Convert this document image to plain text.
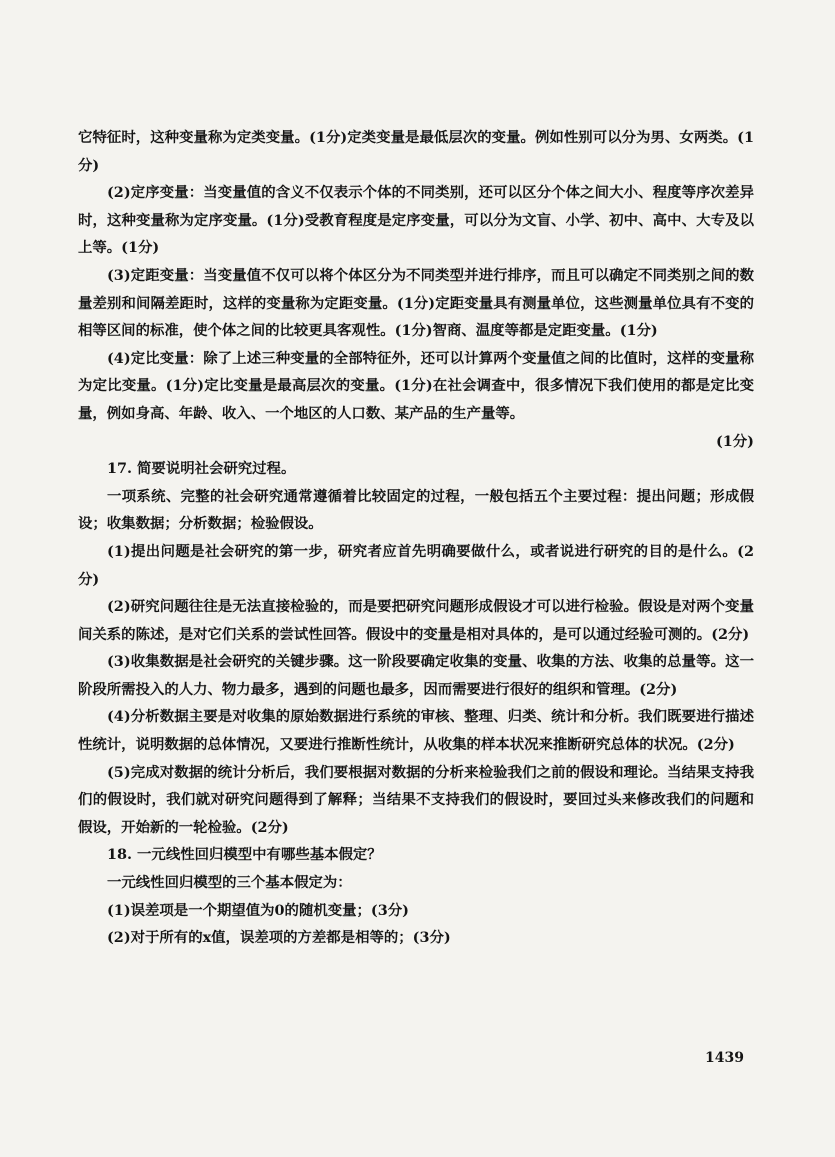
它特征时，这种变量称为定类变量。(1分)定类变量是最低层次的变量。例如性别可以分为男、女两类。(1分)

(2)定序变量：当变量值的含义不仅表示个体的不同类别，还可以区分个体之间大小、程度等序次差异时，这种变量称为定序变量。(1分)受教育程度是定序变量，可以分为文盲、小学、初中、高中、大专及以上等。(1分)

(3)定距变量：当变量值不仅可以将个体区分为不同类型并进行排序，而且可以确定不同类别之间的数量差别和间隔差距时，这样的变量称为定距变量。(1分)定距变量具有测量单位，这些测量单位具有不变的相等区间的标准，使个体之间的比较更具客观性。(1分)智商、温度等都是定距变量。(1分)

(4)定比变量：除了上述三种变量的全部特征外，还可以计算两个变量值之间的比值时，这样的变量称为定比变量。(1分)定比变量是最高层次的变量。(1分)在社会调查中，很多情况下我们使用的都是定比变量，例如身高、年龄、收入、一个地区的人口数、某产品的生产量等。

(1分)

17. 简要说明社会研究过程。

一项系统、完整的社会研究通常遵循着比较固定的过程，一般包括五个主要过程：提出问题；形成假设；收集数据；分析数据；检验假设。

(1)提出问题是社会研究的第一步，研究者应首先明确要做什么，或者说进行研究的目的是什么。(2分)

(2)研究问题往往是无法直接检验的，而是要把研究问题形成假设才可以进行检验。假设是对两个变量间关系的陈述，是对它们关系的尝试性回答。假设中的变量是相对具体的，是可以通过经验可测的。(2分)

(3)收集数据是社会研究的关键步骤。这一阶段要确定收集的变量、收集的方法、收集的总量等。这一阶段所需投入的人力、物力最多，遇到的问题也最多，因而需要进行很好的组织和管理。(2分)

(4)分析数据主要是对收集的原始数据进行系统的审核、整理、归类、统计和分析。我们既要进行描述性统计，说明数据的总体情况，又要进行推断性统计，从收集的样本状况来推断研究总体的状况。(2分)

(5)完成对数据的统计分析后，我们要根据对数据的分析来检验我们之前的假设和理论。当结果支持我们的假设时，我们就对研究问题得到了解释；当结果不支持我们的假设时，要回过头来修改我们的问题和假设，开始新的一轮检验。(2分)

18. 一元线性回归模型中有哪些基本假定？

一元线性回归模型的三个基本假定为：

(1)误差项是一个期望值为0的随机变量；(3分)

(2)对于所有的x值，误差项的方差都是相等的；(3分)

1439
